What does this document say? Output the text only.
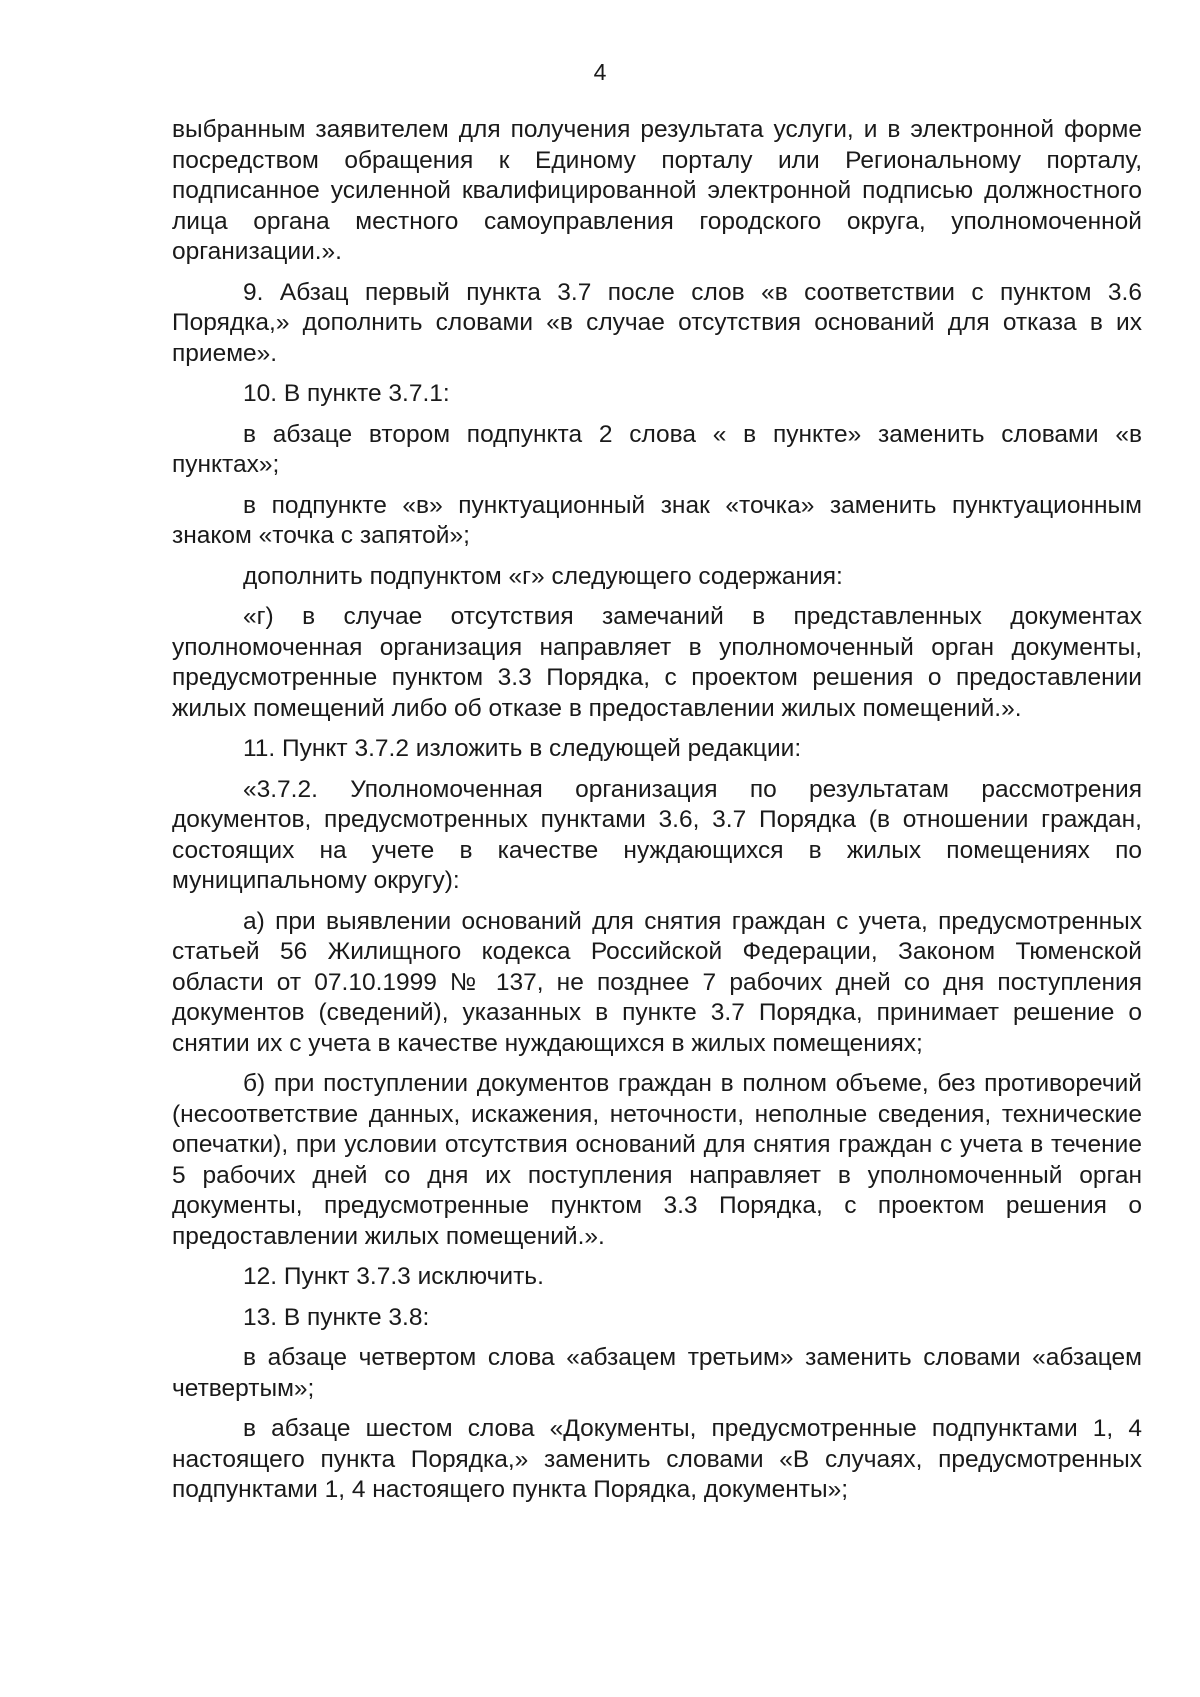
4

выбранным заявителем для получения результата услуги, и в электронной форме посредством обращения к Единому порталу или Региональному порталу, подписанное усиленной квалифицированной электронной подписью должностного лица органа местного самоуправления городского округа, уполномоченной организации.».

9. Абзац первый пункта 3.7 после слов «в соответствии с пунктом 3.6 Порядка,» дополнить словами «в случае отсутствия оснований для отказа в их приеме».

10. В пункте 3.7.1:

в абзаце втором подпункта 2 слова « в пункте» заменить словами «в пунктах»;

в подпункте «в» пунктуационный знак «точка» заменить пунктуационным знаком «точка с запятой»;

дополнить подпунктом «г» следующего содержания:

«г) в случае отсутствия замечаний в представленных документах уполномоченная организация направляет в уполномоченный орган документы, предусмотренные пунктом 3.3 Порядка, с проектом решения о предоставлении жилых помещений либо об отказе в предоставлении жилых помещений.».

11. Пункт 3.7.2 изложить в следующей редакции:

«3.7.2. Уполномоченная организация по результатам рассмотрения документов, предусмотренных пунктами 3.6, 3.7 Порядка (в отношении граждан, состоящих на учете в качестве нуждающихся в жилых помещениях по муниципальному округу):

а) при выявлении оснований для снятия граждан с учета, предусмотренных статьей 56 Жилищного кодекса Российской Федерации, Законом Тюменской области от 07.10.1999 № 137, не позднее 7 рабочих дней со дня поступления документов (сведений), указанных в пункте 3.7 Порядка, принимает решение о снятии их с учета в качестве нуждающихся в жилых помещениях;

б) при поступлении документов граждан в полном объеме, без противоречий (несоответствие данных, искажения, неточности, неполные сведения, технические опечатки), при условии отсутствия оснований для снятия граждан с учета в течение 5 рабочих дней со дня их поступления направляет в уполномоченный орган документы, предусмотренные пунктом 3.3 Порядка, с проектом решения о предоставлении жилых помещений.».

12. Пункт 3.7.3 исключить.

13. В пункте 3.8:

в абзаце четвертом слова «абзацем третьим» заменить словами «абзацем четвертым»;

в абзаце шестом слова «Документы, предусмотренные подпунктами 1, 4 настоящего пункта Порядка,» заменить словами «В случаях, предусмотренных подпунктами 1, 4 настоящего пункта Порядка, документы»;
